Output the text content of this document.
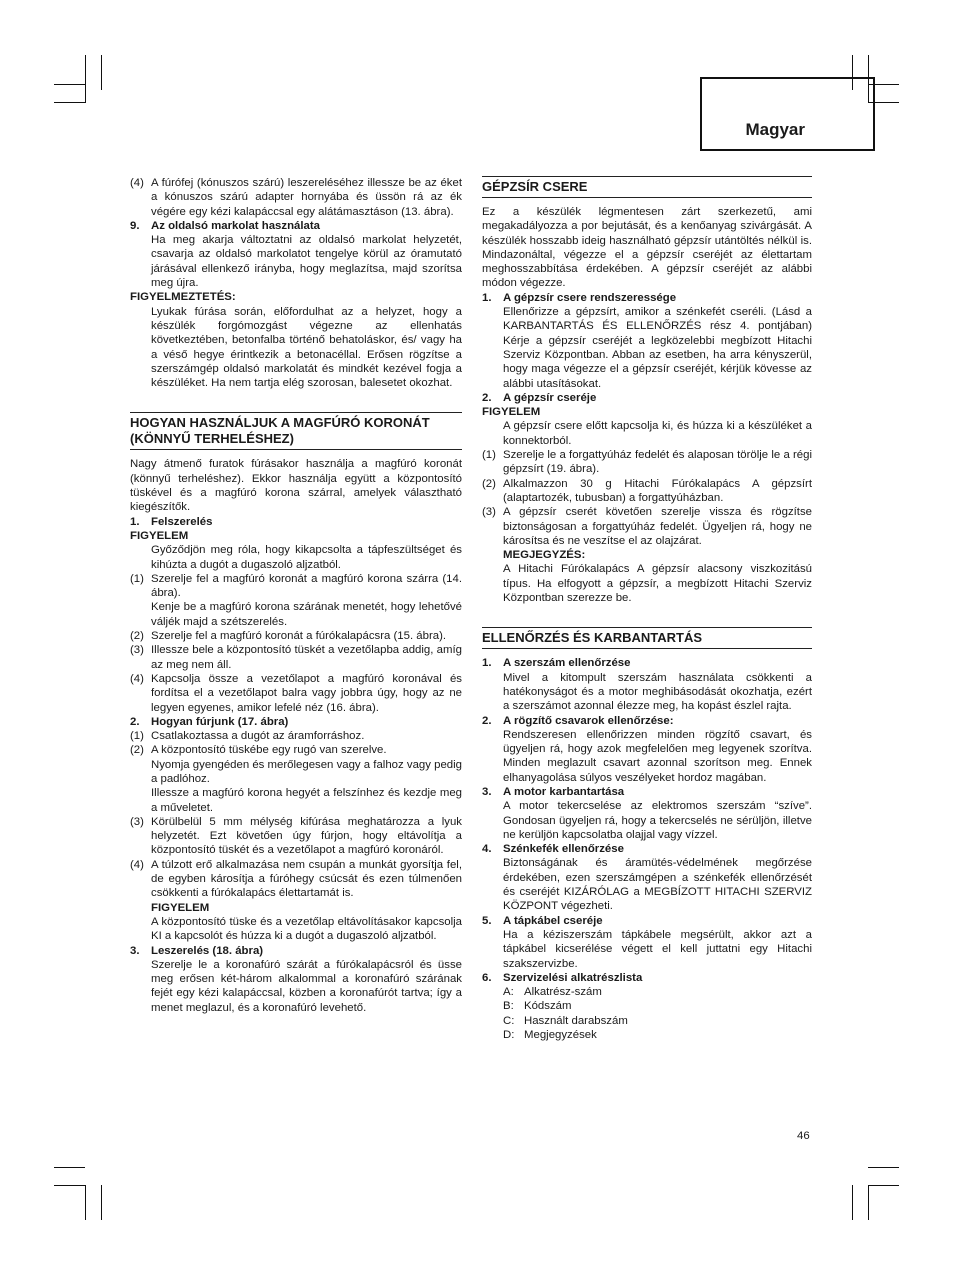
Magyar
(4) A fúrófej (kónuszos szárú) leszereléséhez illessze be az éket a kónuszos szárú adapter hornyába és üssön rá az ék végére egy kézi kalapáccsal egy alátámasztáson (13. ábra).
9.	Az oldalsó markolat használata

Ha meg akarja változtatni az oldalsó markolat helyzetét, csavarja az oldalsó markolatot tengelye körül az óramutató járásával ellenkező irányba, hogy meglazítsa, majd szorítsa meg újra.

FIGYELMEZTETÉS:

Lyukak fúrása során, előfordulhat az a helyzet, hogy a készülék forgómozgást végezne az ellenhatás következtében, betonfalba történő behatoláskor, és/ vagy ha a véső hegye érintkezik a betonacéllal. Erősen rögzítse a szerszámgép oldalsó markolatát és mindkét kezével fogja a készüléket. Ha nem tartja elég szorosan, balesetet okozhat.

HOGYAN HASZNÁLJUK A MAGFÚRÓ KORONÁT (KÖNNYŰ TERHELÉSHEZ)

Nagy átmenő furatok fúrásakor használja a magfúró koronát (könnyű terheléshez). Ekkor használja együtt a központosító tüskével és a magfúró korona szárral, amelyek választható kiegészítők.

1.	Felszerelés

FIGYELEM

Győződjön meg róla, hogy kikapcsolta a tápfeszültséget és kihúzta a dugót a dugaszoló aljzatból.

(1) Szerelje fel a magfúró koronát a magfúró korona szárra (14. ábra).
Kenje be a magfúró korona szárának menetét, hogy lehetővé váljék majd a szétszerelés.
(2) Szerelje fel a magfúró koronát a fúrókalapácsra (15. ábra).
(3) Illessze bele a központosító tüskét a vezetőlapba addig, amíg az meg nem áll.
(4) Kapcsolja össze a vezetőlapot a magfúró koronával és fordítsa el a vezetőlapot balra vagy jobbra úgy, hogy az ne legyen egyenes, amikor lefelé néz (16. ábra).
2.	Hogyan fúrjunk (17. ábra)
(1) Csatlakoztassa a dugót az áramforráshoz.
(2) A központosító tüskébe egy rugó van szerelve.
Nyomja gyengéden és merőlegesen vagy a falhoz vagy pedig a padlóhoz.
Illessze a magfúró korona hegyét a felszínhez és kezdje meg a műveletet.
(3) Körülbelül 5 mm mélység kifúrása meghatározza a lyuk helyzetét. Ezt követően úgy fúrjon, hogy eltávolítja a központosító tüskét és a vezetőlapot a magfúró koronáról.
(4) A túlzott erő alkalmazása nem csupán a munkát gyorsítja fel, de egyben károsítja a fúróhegy csúcsát és ezen túlmenően csökkenti a fúrókalapács élettartamát is.

FIGYELEM

A központosító tüske és a vezetőlap eltávolításakor kapcsolja KI a kapcsolót és húzza ki a dugót a dugaszoló aljzatból.

3.	Leszerelés (18. ábra)

Szerelje le a koronafúró szárát a fúrókalapácsról és üsse meg erősen két-három alkalommal a koronafúró szárának fejét egy kézi kalapáccsal, közben a koronafúrót tartva; így a menet meglazul, és a koronafúró levehető.

GÉPZSÍR CSERE

Ez a készülék légmentesen zárt szerkezetű, ami megakadályozza a por bejutását, és a kenőanyag szivárgását. A készülék hosszabb ideig használható gépzsír utántöltés nélkül is. Mindazonáltal, végezze el a gépzsír cseréjét az élettartam meghosszabbítása érdekében. A gépzsír cseréjét az alábbi módon végezze.

1.	A gépzsír csere rendszeressége

Ellenőrizze a gépzsírt, amikor a szénkefét cseréli. (Lásd a KARBANTARTÁS ÉS ELLENŐRZÉS rész 4. pontjában) Kérje a gépzsír cseréjét a legközelebbi megbízott Hitachi Szerviz Központban. Abban az esetben, ha arra kényszerül, hogy maga végezze el a gépzsír cseréjét, kérjük kövesse az alábbi utasításokat.

2.	A gépzsír cseréje

FIGYELEM

A gépzsír csere előtt kapcsolja ki, és húzza ki a készüléket a konnektorból.

(1) Szerelje le a forgattyúház fedelét és alaposan törölje le a régi gépzsírt (19. ábra).
(2) Alkalmazzon 30 g Hitachi Fúrókalapács A gépzsírt (alaptartozék, tubusban) a forgattyúházban.
(3) A gépzsír cserét követően szerelje vissza és rögzítse biztonságosan a forgattyúház fedelét. Ügyeljen rá, hogy ne károsítsa és ne veszítse el az olajzárat.

MEGJEGYZÉS:

A Hitachi Fúrókalapács A gépzsír alacsony viszkozitású típus. Ha elfogyott a gépzsír, a megbízott Hitachi Szerviz Központban szerezze be.

ELLENŐRZÉS ÉS KARBANTARTÁS
1.	A szerszám ellenőrzése

Mivel a kitompult szerszám használata csökkenti a hatékonyságot és a motor meghibásodását okozhatja, ezért a szerszámot azonnal élezze meg, ha kopást észlel rajta.

2.	A rögzítő csavarok ellenőrzése:

Rendszeresen ellenőrizzen minden rögzítő csavart, és ügyeljen rá, hogy azok megfelelően meg legyenek szorítva. Minden meglazult csavart azonnal szorítson meg. Ennek elhanyagolása súlyos veszélyeket hordoz magában.

3.	A motor karbantartása

A motor tekercselése az elektromos szerszám “szíve”. Gondosan ügyeljen rá, hogy a tekercselés ne sérüljön, illetve ne kerüljön kapcsolatba olajjal vagy vízzel.

4.	Szénkefék ellenőrzése

Biztonságának és áramütés-védelmének megőrzése érdekében, ezen szerszámgépen a szénkefék ellenőrzését és cseréjét KIZÁRÓLAG a MEGBÍZOTT HITACHI SZERVIZ KÖZPONT végezheti.

5.	A tápkábel cseréje

Ha a kéziszerszám tápkábele megsérült, akkor azt a tápkábel kicserélése végett el kell juttatni egy Hitachi szakszervizbe.

6.	Szervizelési alkatrészlista
A: Alkatrész-szám
B: Kódszám
C: Használt darabszám
D: Megjegyzések
46
